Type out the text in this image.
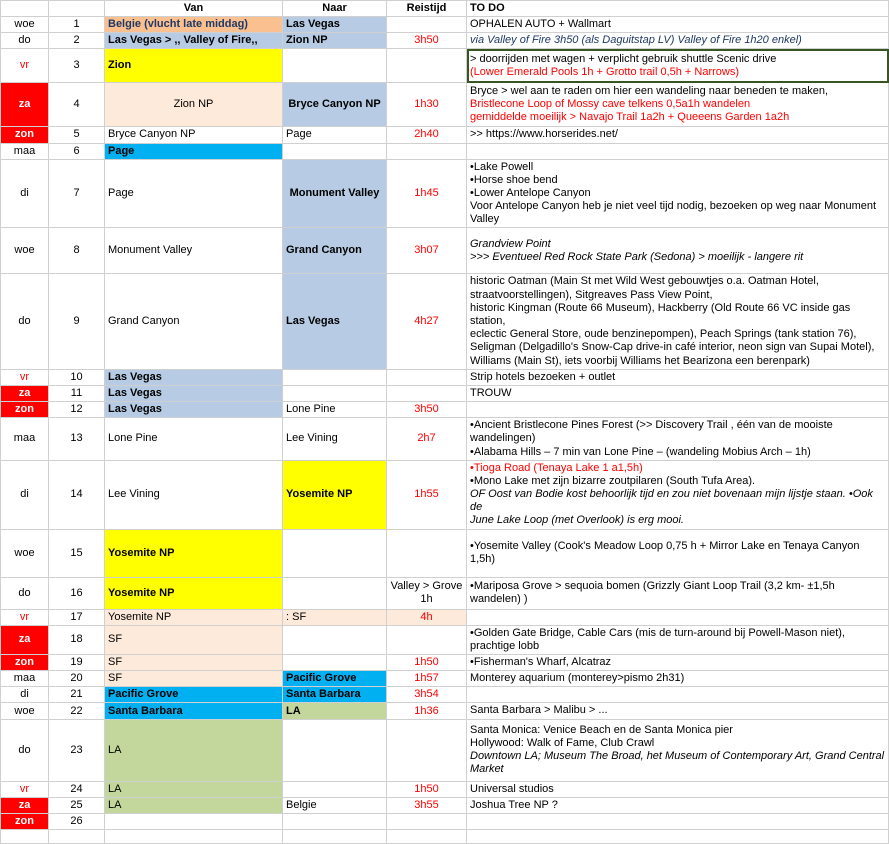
		Van	Naar	Reistijd	TO DO
woe	1	Belgie (vlucht late middag)	Las Vegas		OPHALEN AUTO + Wallmart

do	2	Las Vegas > ,, Valley of Fire,,	Zion NP	3h50	via Valley of Fire 3h50 (als Daguitstap LV) Valley of Fire 1h20 enkel)

vr	3	Zion			> doorrijden met wagen + verplicht gebruik shuttle Scenic drive
(Lower Emerald Pools 1h + Grotto trail 0,5h + Narrows)

za	4	Zion NP	Bryce Canyon NP	1h30	Bryce > wel aan te raden om hier een wandeling naar beneden te maken,
Bristlecone Loop of Mossy cave telkens 0,5a1h wandelen
gemiddelde moeilijk > Navajo Trail 1a2h + Queeens Garden 1a2h

zon	5	Bryce Canyon NP	Page	2h40	>> https://www.horserides.net/

maa	6	Page			
di	7	Page	Monument Valley	1h45	•Lake Powell
•Horse shoe bend
•Lower Antelope Canyon
Voor Antelope Canyon heb je niet veel tijd nodig, bezoeken op weg naar Monument Valley

woe	8	Monument Valley	Grand Canyon	3h07	Grandview Point
>>> Eventueel Red Rock State Park (Sedona) > moeilijk - langere rit

do	9	Grand Canyon	Las Vegas	4h27	
historic Oatman (Main St met Wild West gebouwtjes o.a. Oatman Hotel,
straatvoorstellingen), Sitgreaves Pass View Point,
historic Kingman (Route 66 Museum), Hackberry (Old Route 66 VC inside gas station,
eclectic General Store, oude benzinepompen), Peach Springs (tank station 76),
Seligman (Delgadillo's Snow-Cap drive-in café interior, neon sign van Supai Motel),
Williams (Main St), iets voorbij Williams het Bearizona een berenpark)

vr	10	Las Vegas			Strip hotels bezoeken + outlet

za	11	Las Vegas			TROUW

zon	12	Las Vegas	Lone Pine	3h50	
maa	13	Lone Pine	Lee Vining	2h7	•Ancient Bristlecone Pines Forest (>> Discovery Trail , één van de mooiste wandelingen)
•Alabama Hills – 7 min van Lone Pine – (wandeling Mobius Arch – 1h)

di	14	Lee Vining	Yosemite NP	1h55	•Tioga Road (Tenaya Lake 1 a1,5h)
•Mono Lake met zijn bizarre zoutpilaren (South Tufa Area).
OF Oost van Bodie kost behoorlijk tijd en zou niet bovenaan mijn lijstje staan. •Ook de
June Lake Loop (met Overlook) is erg mooi.

woe	15	Yosemite NP			•Yosemite Valley (Cook's Meadow Loop 0,75 h + Mirror Lake en Tenaya Canyon 1,5h)

do	16	Yosemite NP		Valley > Grove 1h	•Mariposa Grove > sequoia bomen (Grizzly Giant Loop Trail (3,2 km- ±1,5h wandelen) )

vr	17	Yosemite NP	: SF	4h	
za	18	SF			•Golden Gate Bridge, Cable Cars (mis de turn-around bij Powell-Mason niet), prachtige lobb

zon	19	SF		1h50	•Fisherman's Wharf, Alcatraz

maa	20	SF	Pacific Grove	1h57	Monterey aquarium (monterey>pismo 2h31)

di	21	Pacific Grove	Santa Barbara	3h54	
woe	22	Santa Barbara	LA	1h36	Santa Barbara > Malibu > ...

do	23	LA			Santa Monica: Venice Beach en de Santa Monica pier
Hollywood: Walk of Fame, Club Crawl
Downtown LA; Museum The Broad, het Museum of Contemporary Art, Grand Central
Market

vr	24	LA		1h50	Universal studios

za	25	LA	Belgie	3h55	Joshua Tree NP ?

zon	26				
